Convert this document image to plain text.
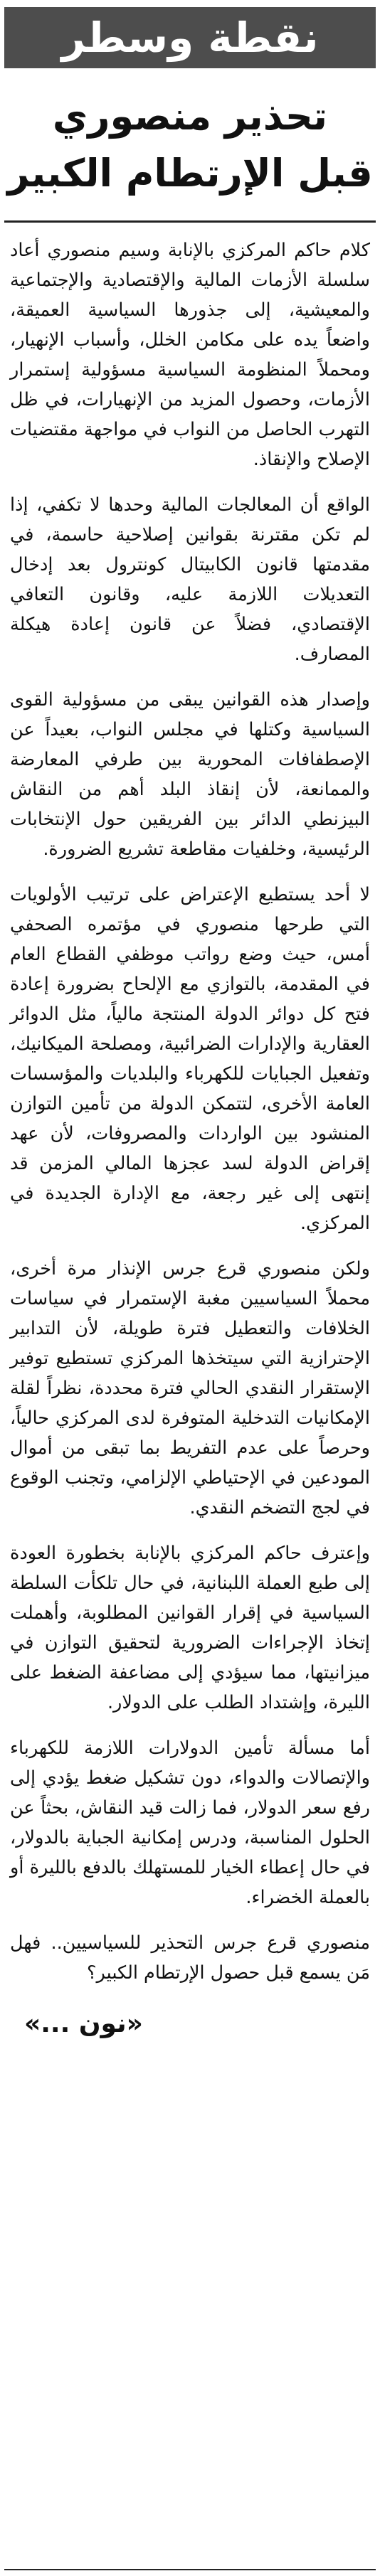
نقطة وسطر
تحذير منصوري
قبل الإرتطام الكبير

كلام حاكم المركزي بالإنابة وسيم منصوري أعاد سلسلة الأزمات المالية والإقتصادية والإجتماعية والمعيشية، إلى جذورها السياسية العميقة، واضعاً يده على مكامن الخلل، وأسباب الإنهيار، ومحملاً المنظومة السياسية مسؤولية إستمرار الأزمات، وحصول المزيد من الإنهيارات، في ظل التهرب الحاصل من النواب في مواجهة مقتضيات الإصلاح والإنقاذ.

الواقع أن المعالجات المالية وحدها لا تكفي، إذا لم تكن مقترنة بقوانين إصلاحية حاسمة، في مقدمتها قانون الكابيتال كونترول بعد إدخال التعديلات اللازمة عليه، وقانون التعافي الإقتصادي، فضلاً عن قانون إعادة هيكلة المصارف.

وإصدار هذه القوانين يبقى من مسؤولية القوى السياسية وكتلها في مجلس النواب، بعيداً عن الإصطفافات المحورية بين طرفي المعارضة والممانعة، لأن إنقاذ البلد أهم من النقاش البيزنطي الدائر بين الفريقين حول الإنتخابات الرئيسية، وخلفيات مقاطعة تشريع الضرورة.

لا أحد يستطيع الإعتراض على ترتيب الأولويات التي طرحها منصوري في مؤتمره الصحفي أمس، حيث وضع رواتب موظفي القطاع العام في المقدمة، بالتوازي مع الإلحاح بضرورة إعادة فتح كل دوائر الدولة المنتجة مالياً، مثل الدوائر العقارية والإدارات الضرائبية، ومصلحة الميكانيك، وتفعيل الجبايات للكهرباء والبلديات والمؤسسات العامة الأخرى، لتتمكن الدولة من تأمين التوازن المنشود بين الواردات والمصروفات، لأن عهد إقراض الدولة لسد عجزها المالي المزمن قد إنتهى إلى غير رجعة، مع الإدارة الجديدة في المركزي.

ولكن منصوري قرع جرس الإنذار مرة أخرى، محملاً السياسيين مغبة الإستمرار في سياسات الخلافات والتعطيل فترة طويلة، لأن التدابير الإحترازية التي سيتخذها المركزي تستطيع توفير الإستقرار النقدي الحالي فترة محددة، نظراً لقلة الإمكانيات التدخلية المتوفرة لدى المركزي حالياً، وحرصاً على عدم التفريط بما تبقى من أموال المودعين في الإحتياطي الإلزامي، وتجنب الوقوع في لجج التضخم النقدي.

وإعترف حاكم المركزي بالإنابة بخطورة العودة إلى طبع العملة اللبنانية، في حال تلكأت السلطة السياسية في إقرار القوانين المطلوبة، وأهملت إتخاذ الإجراءات الضرورية لتحقيق التوازن في ميزانيتها، مما سيؤدي إلى مضاعفة الضغط على الليرة، وإشتداد الطلب على الدولار.

أما مسألة تأمين الدولارات اللازمة للكهرباء والإتصالات والدواء، دون تشكيل ضغط يؤدي إلى رفع سعر الدولار، فما زالت قيد النقاش، بحثاً عن الحلول المناسبة، ودرس إمكانية الجباية بالدولار، في حال إعطاء الخيار للمستهلك بالدفع بالليرة أو بالعملة الخضراء.

منصوري قرع جرس التحذير للسياسيين.. فهل مَن يسمع قبل حصول الإرتطام الكبير؟

«نون ...»
